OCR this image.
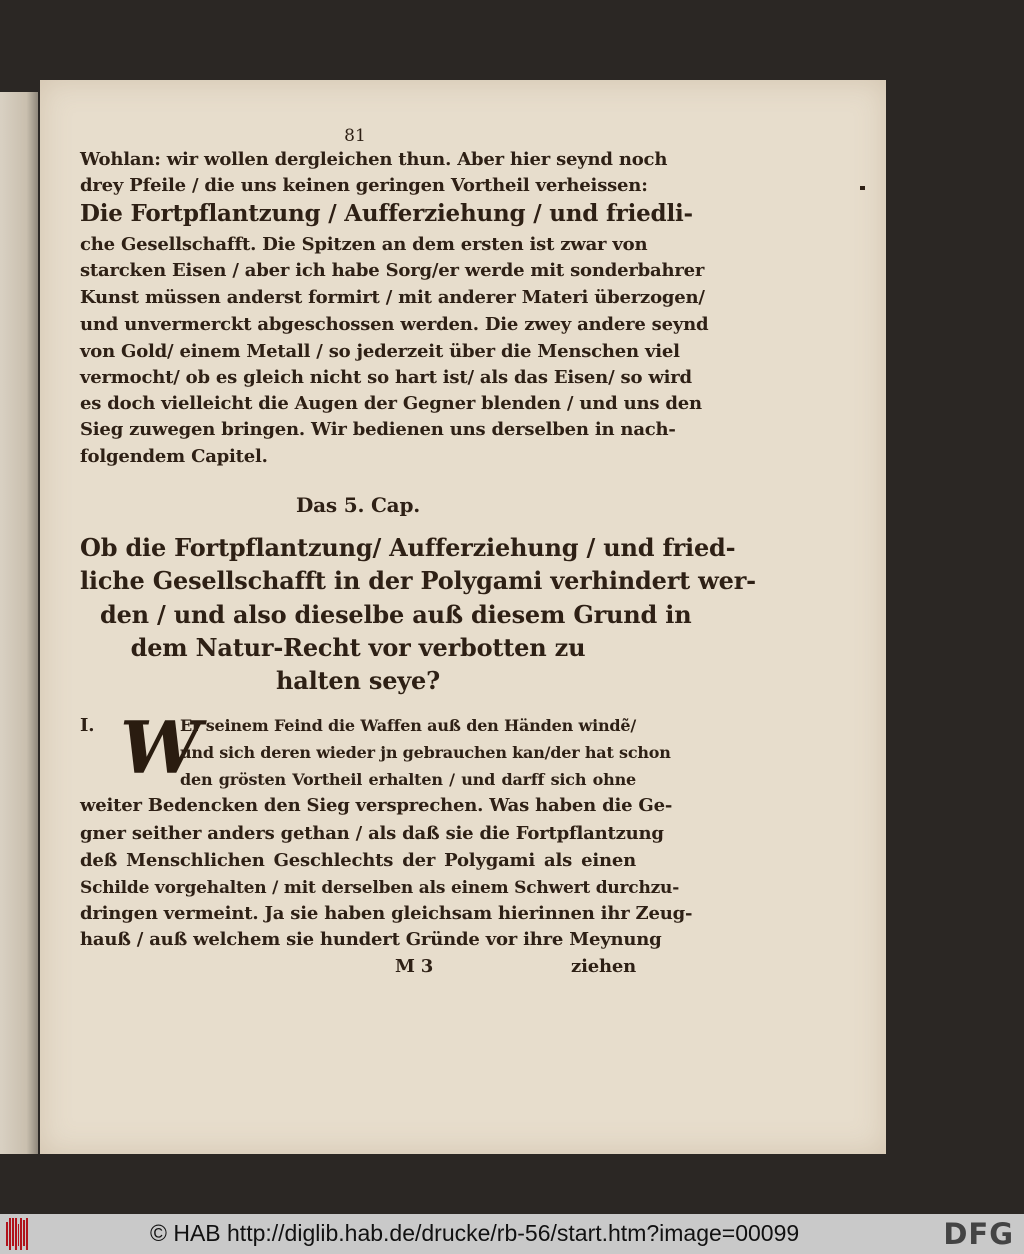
81
Wohlan: wir wollen dergleichen thun. Aber hier seynd noch
drey Pfeile / die uns keinen geringen Vortheil verheissen:
Die Fortpflantzung / Aufferziehung / und friedli-
che Gesellschafft. Die Spitzen an dem ersten ist zwar von
starcken Eisen / aber ich habe Sorg/er werde mit sonderbahrer
Kunst müssen anderst formirt / mit anderer Materi überzogen/
und unvermerckt abgeschossen werden. Die zwey andere seynd
von Gold/ einem Metall / so jederzeit über die Menschen viel
vermocht/ ob es gleich nicht so hart ist/ als das Eisen/ so wird
es doch vielleicht die Augen der Gegner blenden / und uns den
Sieg zuwegen bringen. Wir bedienen uns derselben in nach-
folgendem Capitel.
Das 5. Cap.
Ob die Fortpflantzung/ Aufferziehung / und fried-
liche Gesellschafft in der Polygami verhindert wer-
den / und also dieselbe auß diesem Grund in
dem Natur-Recht vor verbotten zu
halten seye?
I. W
Er seinem Feind die Waffen auß den Händen windẽ/
und sich deren wieder jn gebrauchen kan/der hat schon
den grösten Vortheil erhalten / und darff sich ohne
weiter Bedencken den Sieg versprechen. Was haben die Ge-
gner seither anders gethan / als daß sie die Fortpflantzung
deß Menschlichen Geschlechts der Polygami als einen
Schilde vorgehalten / mit derselben als einem Schwert durchzu-
dringen vermeint. Ja sie haben gleichsam hierinnen ihr Zeug-
hauß / auß welchem sie hundert Gründe vor ihre Meynung
M 3	ziehen
© HAB http://diglib.hab.de/drucke/rb-56/start.htm?image=00099	DFG
